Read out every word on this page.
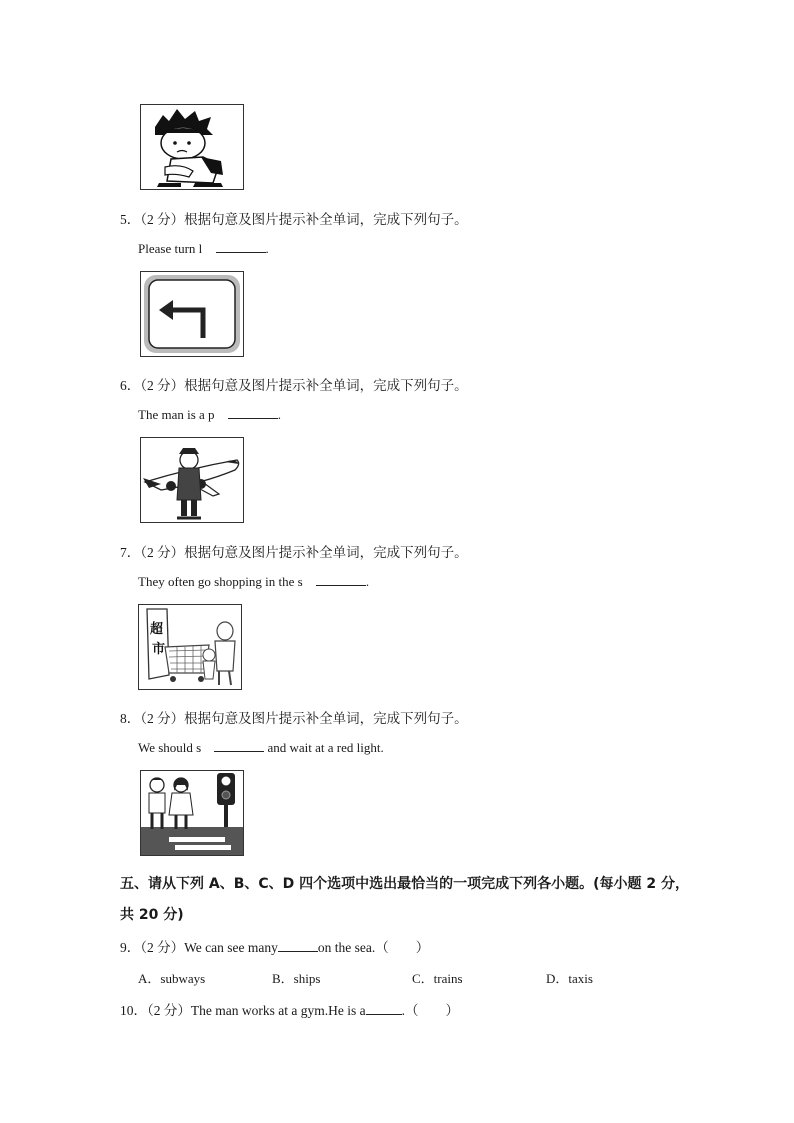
5．（2 分）根据句意及图片提示补全单词，完成下列句子。
Please turn l	.
6．（2 分）根据句意及图片提示补全单词，完成下列句子。
The man is a p	.
7．（2 分）根据句意及图片提示补全单词，完成下列句子。
They often go shopping in the s	.
超
市
8．（2 分）根据句意及图片提示补全单词，完成下列句子。
We should s	and wait at a red light.
五、请从下列 A、B、C、D 四个选项中选出最恰当的一项完成下列各小题。(每小题 2 分，
共 20 分)
9．（2 分）We can see many	on the sea.（　　）
A．subways	B．ships	C．trains	D．taxis
10．（2 分）The man works at a gym.He is a	.（　　）
